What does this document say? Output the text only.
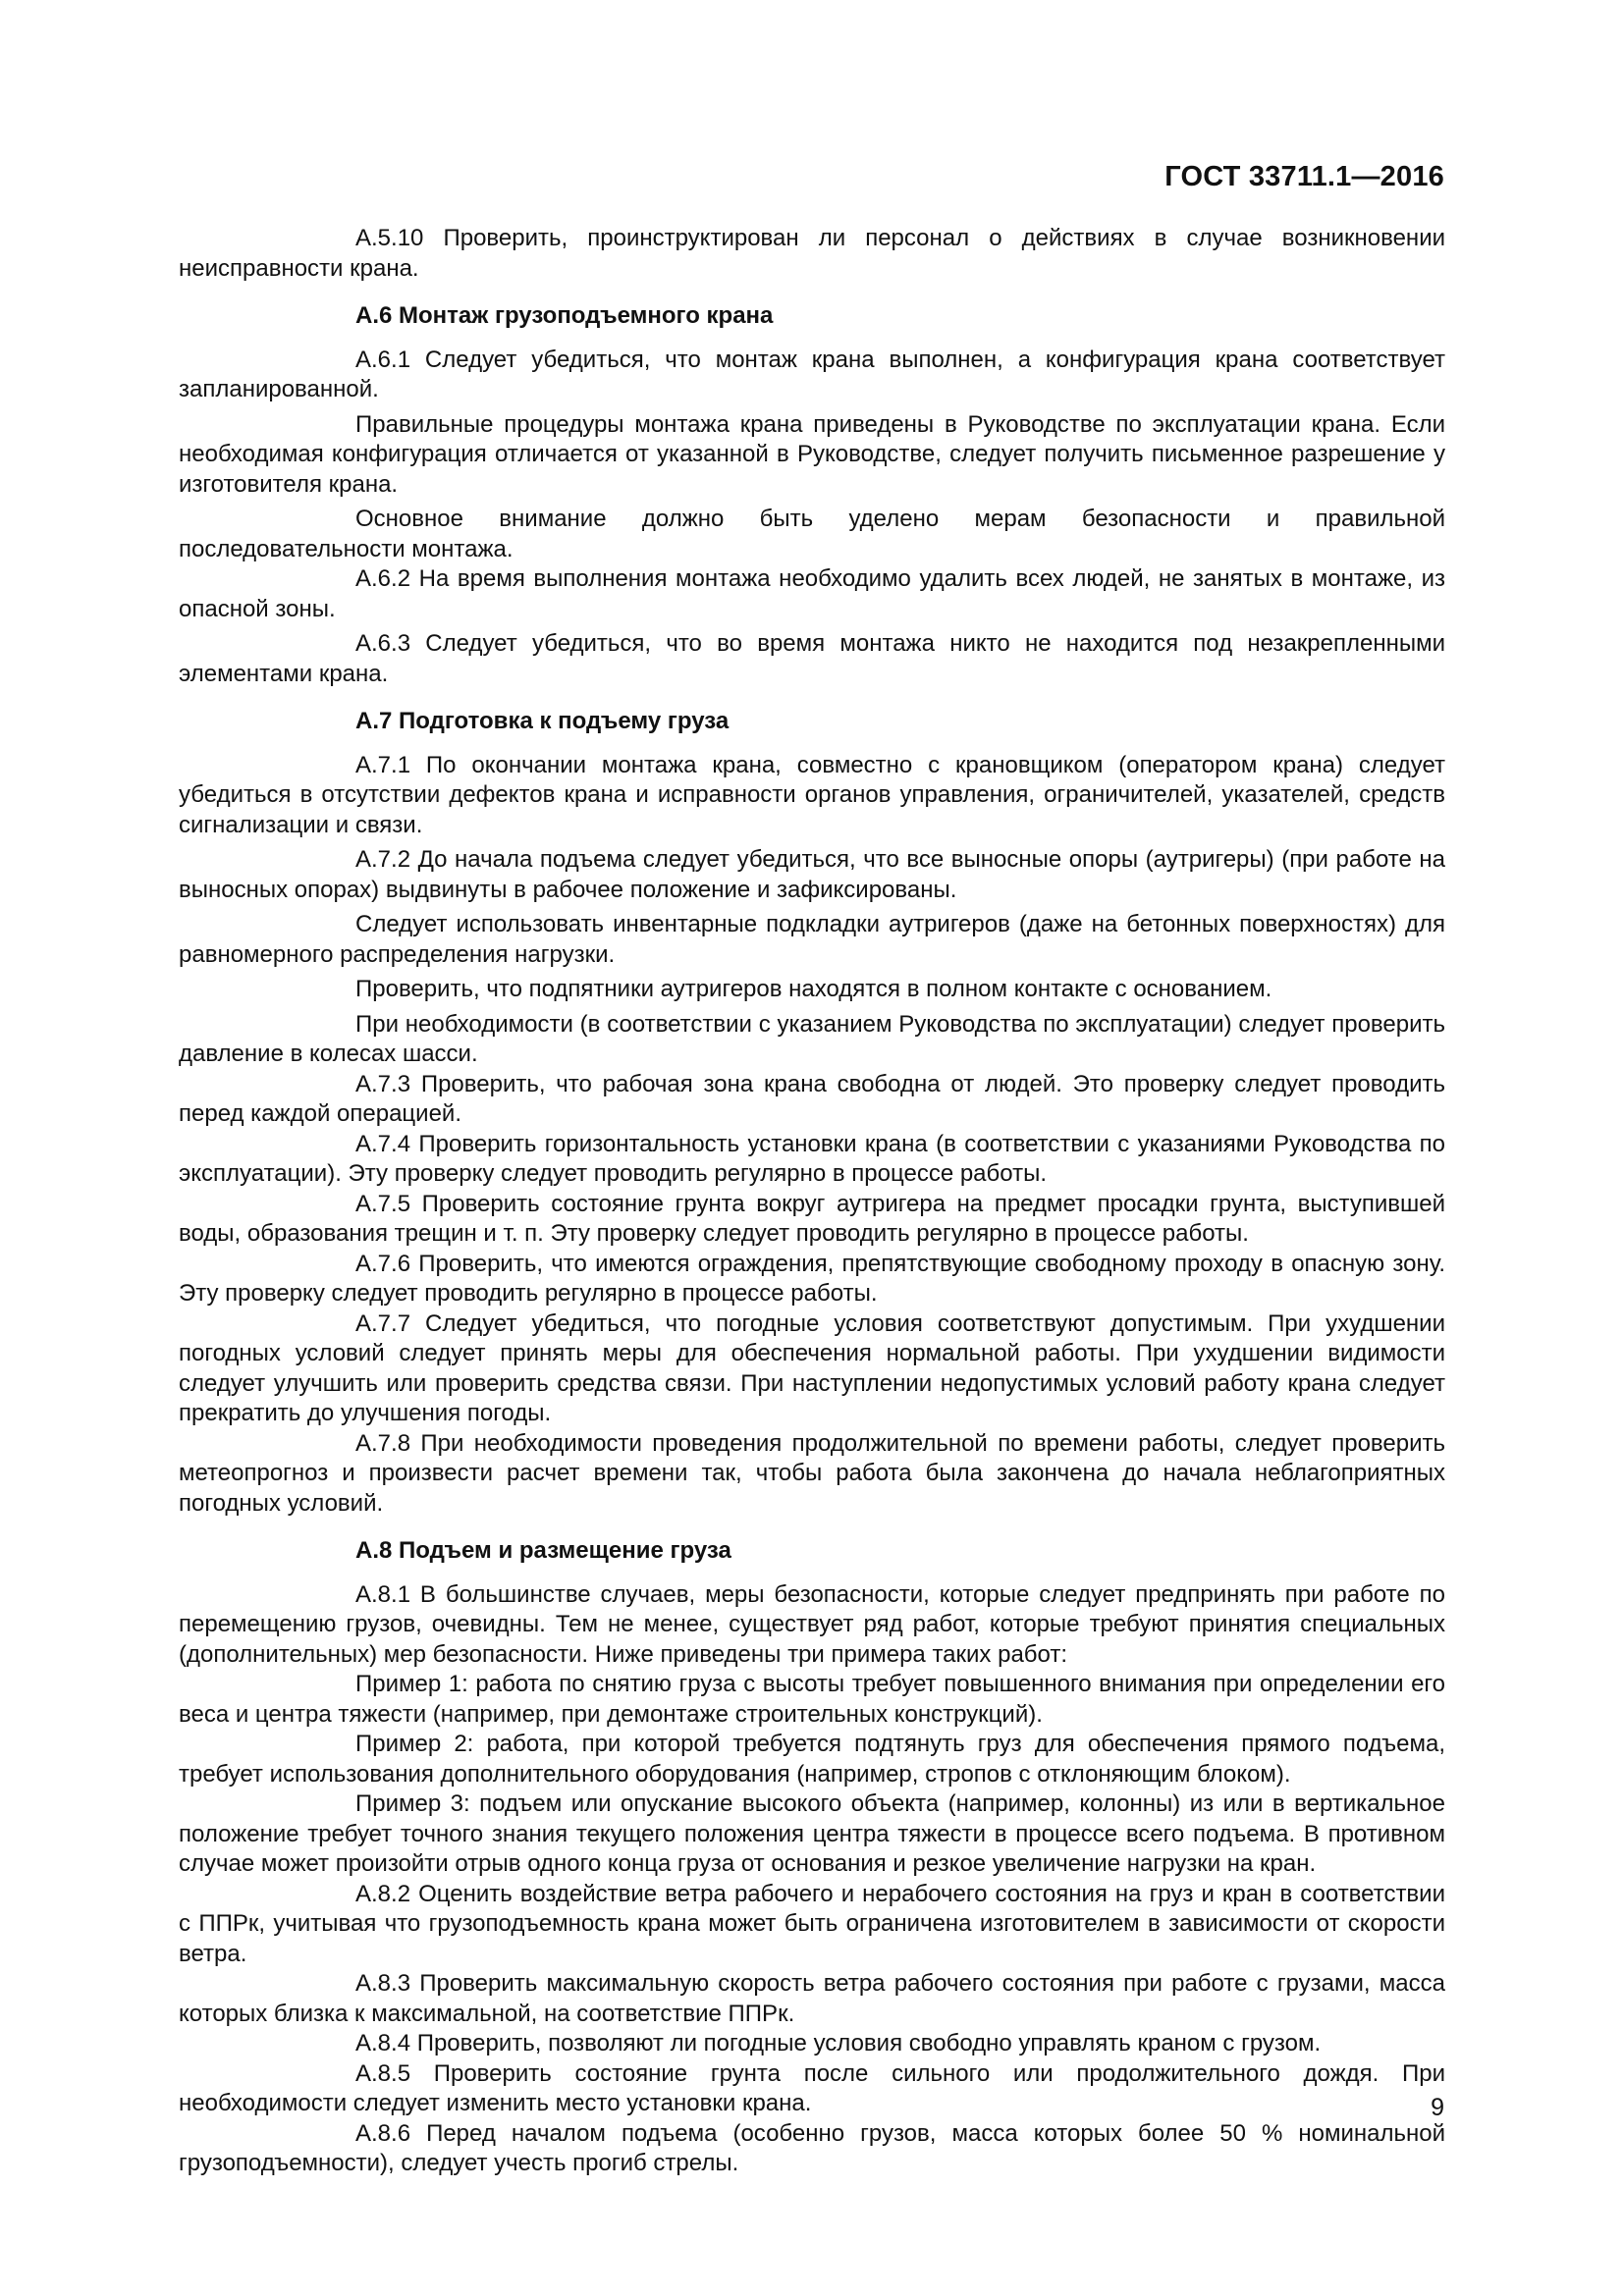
ГОСТ 33711.1—2016

А.5.10 Проверить, проинструктирован ли персонал о действиях в случае возникновении неисправности крана.

А.6 Монтаж грузоподъемного крана

А.6.1 Следует убедиться, что монтаж крана выполнен, а конфигурация крана соответствует запланированной.

Правильные процедуры монтажа крана приведены в Руководстве по эксплуатации крана. Если необходимая конфигурация отличается от указанной в Руководстве, следует получить письменное разрешение у изготовителя крана.

Основное внимание должно быть уделено мерам безопасности и правильной последовательности монтажа.

А.6.2 На время выполнения монтажа необходимо удалить всех людей, не занятых в монтаже, из опасной зоны.

А.6.3 Следует убедиться, что во время монтажа никто не находится под незакрепленными элементами крана.

А.7 Подготовка к подъему груза

А.7.1 По окончании монтажа крана, совместно с крановщиком (оператором крана) следует убедиться в отсутствии дефектов крана и исправности органов управления, ограничителей, указателей, средств сигнализации и связи.

А.7.2 До начала подъема следует убедиться, что все выносные опоры (аутригеры) (при работе на выносных опорах) выдвинуты в рабочее положение и зафиксированы.

Следует использовать инвентарные подкладки аутригеров (даже на бетонных поверхностях) для равномерного распределения нагрузки.

Проверить, что подпятники аутригеров находятся в полном контакте с основанием.

При необходимости (в соответствии с указанием Руководства по эксплуатации) следует проверить давление в колесах шасси.

А.7.3 Проверить, что рабочая зона крана свободна от людей. Это проверку следует проводить перед каждой операцией.

А.7.4 Проверить горизонтальность установки крана (в соответствии с указаниями Руководства по эксплуатации). Эту проверку следует проводить регулярно в процессе работы.

А.7.5 Проверить состояние грунта вокруг аутригера на предмет просадки грунта, выступившей воды, образования трещин и т. п. Эту проверку следует проводить регулярно в процессе работы.

А.7.6 Проверить, что имеются ограждения, препятствующие свободному проходу в опасную зону. Эту проверку следует проводить регулярно в процессе работы.

А.7.7 Следует убедиться, что погодные условия соответствуют допустимым. При ухудшении погодных условий следует принять меры для обеспечения нормальной работы. При ухудшении видимости следует улучшить или проверить средства связи. При наступлении недопустимых условий работу крана следует прекратить до улучшения погоды.

А.7.8 При необходимости проведения продолжительной по времени работы, следует проверить метеопрогноз и произвести расчет времени так, чтобы работа была закончена до начала неблагоприятных погодных условий.

А.8 Подъем и размещение груза

А.8.1 В большинстве случаев, меры безопасности, которые следует предпринять при работе по перемещению грузов, очевидны. Тем не менее, существует ряд работ, которые требуют принятия специальных (дополнительных) мер безопасности. Ниже приведены три примера таких работ:

Пример 1: работа по снятию груза с высоты требует повышенного внимания при определении его веса и центра тяжести (например, при демонтаже строительных конструкций).

Пример 2: работа, при которой требуется подтянуть груз для обеспечения прямого подъема, требует использования дополнительного оборудования (например, стропов с отклоняющим блоком).

Пример 3: подъем или опускание высокого объекта (например, колонны) из или в вертикальное положение требует точного знания текущего положения центра тяжести в процессе всего подъема. В противном случае может произойти отрыв одного конца груза от основания и резкое увеличение нагрузки на кран.

А.8.2 Оценить воздействие ветра рабочего и нерабочего состояния на груз и кран в соответствии с ППРк, учитывая что грузоподъемность крана может быть ограничена изготовителем в зависимости от скорости ветра.

А.8.3 Проверить максимальную скорость ветра рабочего состояния при работе с грузами, масса которых близка к максимальной, на соответствие ППРк.

А.8.4 Проверить, позволяют ли погодные условия свободно управлять краном с грузом.

А.8.5 Проверить состояние грунта после сильного или продолжительного дождя. При необходимости следует изменить место установки крана.

А.8.6 Перед началом подъема (особенно грузов, масса которых более 50 % номинальной грузоподъемности), следует учесть прогиб стрелы.

9
